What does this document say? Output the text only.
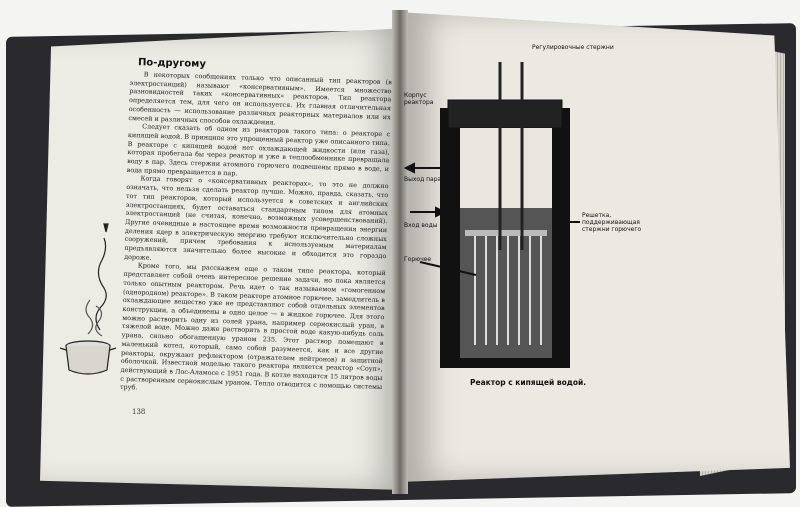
По-другому

В некоторых сообщениях только что описанный тип реакторов (в электростанций) называют «консервативным». Имеется множество разновидностей таких «консервативных» реакторов. Тип реактора определяется тем, для чего он используется. Их главная отличительная особенность — использование различных реакторных материалов или их смесей и различных способов охлаждения.

Следует сказать об одном из реакторов такого типа: о реакторе с кипящей водой. В принципе это упрощенный реактор уже описанного типа. В реакторе с кипящей водой нет охлаждающей жидкости (или газа), которая пробегала бы через реактор и уже в теплообменнике превращала воду в пар. Здесь стержни атомного горючего подвешены прямо в воде, и вода прямо превращается в пар.

Когда говорят о «консервативных реакторах», то это не должно означать, что нельзя сделать реактор лучше. Можно, правда, сказать, что тот тип реакторов, который используется в советских и английских электростанциях, будет оставаться стандартным типом для атомных электростанций (не считая, конечно, возможных усовершенствований). Другие очевидные в настоящее время возможности превращения энергии деления ядер в электрическую энергию требуют исключительно сложных сооружений, причем требования к используемым материалам предъявляются значительно более высокие и обходится это гораздо дороже.

Кроме того, мы расскажем еще о таком типе реактора, который представляет собой очень интересное решение задачи, но пока является только опытным реактором. Речь идет о так называемом «гомогенном (однородном) реакторе». В таком реакторе атомное горючее, замедлитель в охлаждающее вещество уже не представляют собой отдельных элементов конструкции, а объединены в одно целое — в жидкое горючее. Для этого можно растворить одну из солей урана, например сернокислый уран, в тяжелой воде. Можно даже растворить в простой воде какую-нибудь соль урана, сильно обогащенную ураном 235. Этот раствор помещают в маленький котел, который, само собой разумеется, как и все другие реакторы, окружают рефлектором (отражателем нейтронов) и защитной оболочкой. Известной моделью такого реактора является реактор «Соуп», действующий в Лос-Аламосе с 1951 года. В котле находится 15 литров воды с растворенным сернокислым ураном. Тепло отводится с помощью системы труб.

138
Регулировочные стержни
Корпус реактора
Выход пара
Вход воды
Горючее
Решетка, поддерживающая стержни горючего
Реактор с кипящей водой.
